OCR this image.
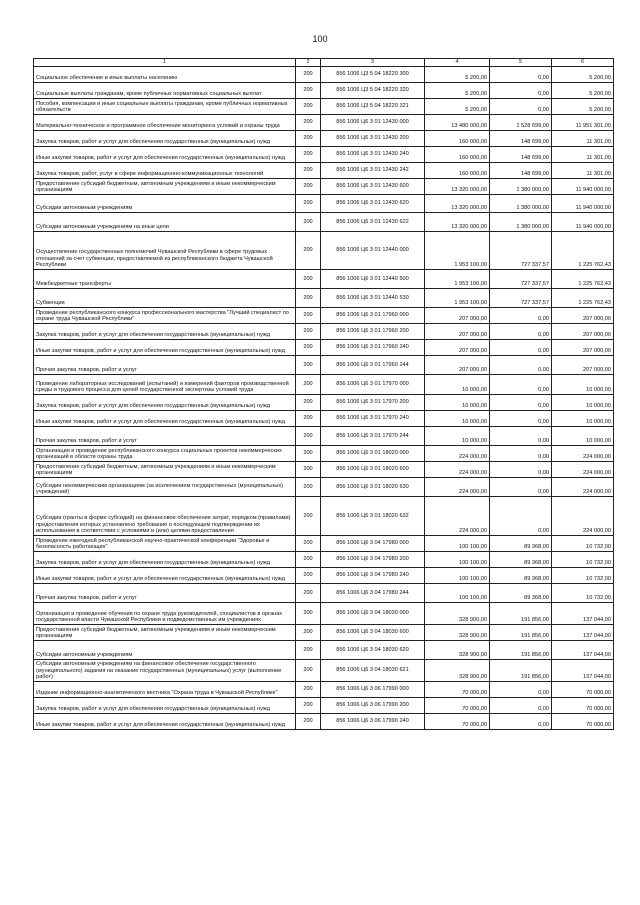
100
1	2	3	4	5	6
Социальное обеспечение и иные выплаты населению	200	856 1006 Ц3 5 04 18220 300	5 200,00	0,00	5 200,00
Социальные выплаты гражданам, кроме публичных нормативных социальных выплат	200	856 1006 Ц3 5 04 18220 320	5 200,00	0,00	5 200,00
Пособия, компенсации и иные социальные выплаты гражданам, кроме публичных нормативных обязательств	200	856 1006 Ц3 5 04 18220 321	5 200,00	0,00	5 200,00
Материально-техническое и программное обеспечение мониторинга условий и охраны труда	200	856 1006 Ц6 3 01 12430 000	13 480 000,00	1 528 699,00	11 951 301,00
Закупка товаров, работ и услуг для обеспечения государственных (муниципальных) нужд	200	856 1006 Ц6 3 01 12430 200	160 000,00	148 699,00	11 301,00
Иные закупки товаров, работ и услуг для обеспечения государственных (муниципальных) нужд	200	856 1006 Ц6 3 01 12430 240	160 000,00	148 699,00	11 301,00
Закупка товаров, работ, услуг в сфере информационно-коммуникационных технологий	200	856 1006 Ц6 3 01 12430 242	160 000,00	148 699,00	11 301,00
Предоставление субсидий бюджетным, автономным учреждениям и иным некоммерческим организациям	200	856 1006 Ц6 3 01 12430 600	13 320 000,00	1 380 000,00	11 940 000,00
Субсидии автономным учреждениям	200	856 1006 Ц6 3 01 12430 620	13 320 000,00	1 380 000,00	11 940 000,00
Субсидии автономным учреждениям на иные цели	200	856 1006 Ц6 3 01 12430 622	13 320 000,00	1 380 000,00	11 940 000,00
Осуществление государственных полномочий Чувашской Республики в сфере трудовых отношений за счет субвенции, предоставляемой из республиканского бюджета Чувашской Республики	200	856 1006 Ц6 3 01 12440 000	1 953 100,00	727 337,57	1 225 762,43
Межбюджетные трансферты	200	856 1006 Ц6 3 01 12440 500	1 953 100,00	727 337,57	1 225 762,43
Субвенции	200	856 1006 Ц6 3 01 12440 530	1 953 100,00	727 337,57	1 225 762,43
Проведение республиканского конкурса профессионального мастерства "Лучший специалист по охране труда Чувашской Республики"	200	856 1006 Ц6 3 01 17960 000	207 000,00	0,00	207 000,00
Закупка товаров, работ и услуг для обеспечения государственных (муниципальных) нужд	200	856 1006 Ц6 3 01 17960 200	207 000,00	0,00	207 000,00
Иные закупки товаров, работ и услуг для обеспечения государственных (муниципальных) нужд	200	856 1006 Ц6 3 01 17960 240	207 000,00	0,00	207 000,00
Прочая закупка товаров, работ и услуг	200	856 1006 Ц6 3 01 17960 244	207 000,00	0,00	207 000,00
Проведение лабораторных исследований (испытаний) и измерений факторов производственной среды и трудового процесса для целей государственной экспертизы условий труда	200	856 1006 Ц6 3 01 17970 000	10 000,00	0,00	10 000,00
Закупка товаров, работ и услуг для обеспечения государственных (муниципальных) нужд	200	856 1006 Ц6 3 01 17970 200	10 000,00	0,00	10 000,00
Иные закупки товаров, работ и услуг для обеспечения государственных (муниципальных) нужд	200	856 1006 Ц6 3 01 17970 240	10 000,00	0,00	10 000,00
Прочая закупка товаров, работ и услуг	200	856 1006 Ц6 3 01 17970 244	10 000,00	0,00	10 000,00
Организация и проведение республиканского конкурса социальных проектов некоммерческих организаций в области охраны труда	200	856 1006 Ц6 3 01 18020 000	224 000,00	0,00	224 000,00
Предоставление субсидий бюджетным, автономным учреждениям и иным некоммерческим организациям	200	856 1006 Ц6 3 01 18020 600	224 000,00	0,00	224 000,00
Субсидии некоммерческим организациям (за исключением государственных (муниципальных) учреждений)	200	856 1006 Ц6 3 01 18020 630	224 000,00	0,00	224 000,00
Субсидии (гранты в форме субсидий) на финансовое обеспечение затрат, порядком (правилами) предоставления которых установлено требование о последующем подтверждении их использования в соответствии с условиями и (или) целями предоставления	200	856 1006 Ц6 3 01 18020 632	224 000,00	0,00	224 000,00
Проведение ежегодной республиканской научно-практической конференции "Здоровье и безопасность работающих"	200	856 1006 Ц6 3 04 17980 000	100 100,00	89 368,00	10 732,00
Закупка товаров, работ и услуг для обеспечения государственных (муниципальных) нужд	200	856 1006 Ц6 3 04 17980 200	100 100,00	89 368,00	10 732,00
Иные закупки товаров, работ и услуг для обеспечения государственных (муниципальных) нужд	200	856 1006 Ц6 3 04 17980 240	100 100,00	89 368,00	10 732,00
Прочая закупка товаров, работ и услуг	200	856 1006 Ц6 3 04 17980 244	100 100,00	89 368,00	10 732,00
Организация и проведение обучения по охране труда руководителей, специалистов в органах государственной власти Чувашской Республики и подведомственных им учреждениях	200	856 1006 Ц6 3 04 18030 000	328 900,00	191 856,00	137 044,00
Предоставление субсидий бюджетным, автономным учреждениям и иным некоммерческим организациям	200	856 1006 Ц6 3 04 18030 600	328 900,00	191 856,00	137 044,00
Субсидии автономным учреждениям	200	856 1006 Ц6 3 04 18030 620	328 900,00	191 856,00	137 044,00
Субсидии автономным учреждениям на финансовое обеспечение государственного (муниципального) задания на оказание государственных (муниципальных) услуг (выполнение работ)	200	856 1006 Ц6 3 04 18030 621	328 900,00	191 856,00	137 044,00
Издание информационно-аналитического вестника "Охрана труда в Чувашской Республике"	200	856 1006 Ц6 3 06 17990 000	70 000,00	0,00	70 000,00
Закупка товаров, работ и услуг для обеспечения государственных (муниципальных) нужд	200	856 1006 Ц6 3 06 17990 200	70 000,00	0,00	70 000,00
Иные закупки товаров, работ и услуг для обеспечения государственных (муниципальных) нужд	200	856 1006 Ц6 3 06 17990 240	70 000,00	0,00	70 000,00
